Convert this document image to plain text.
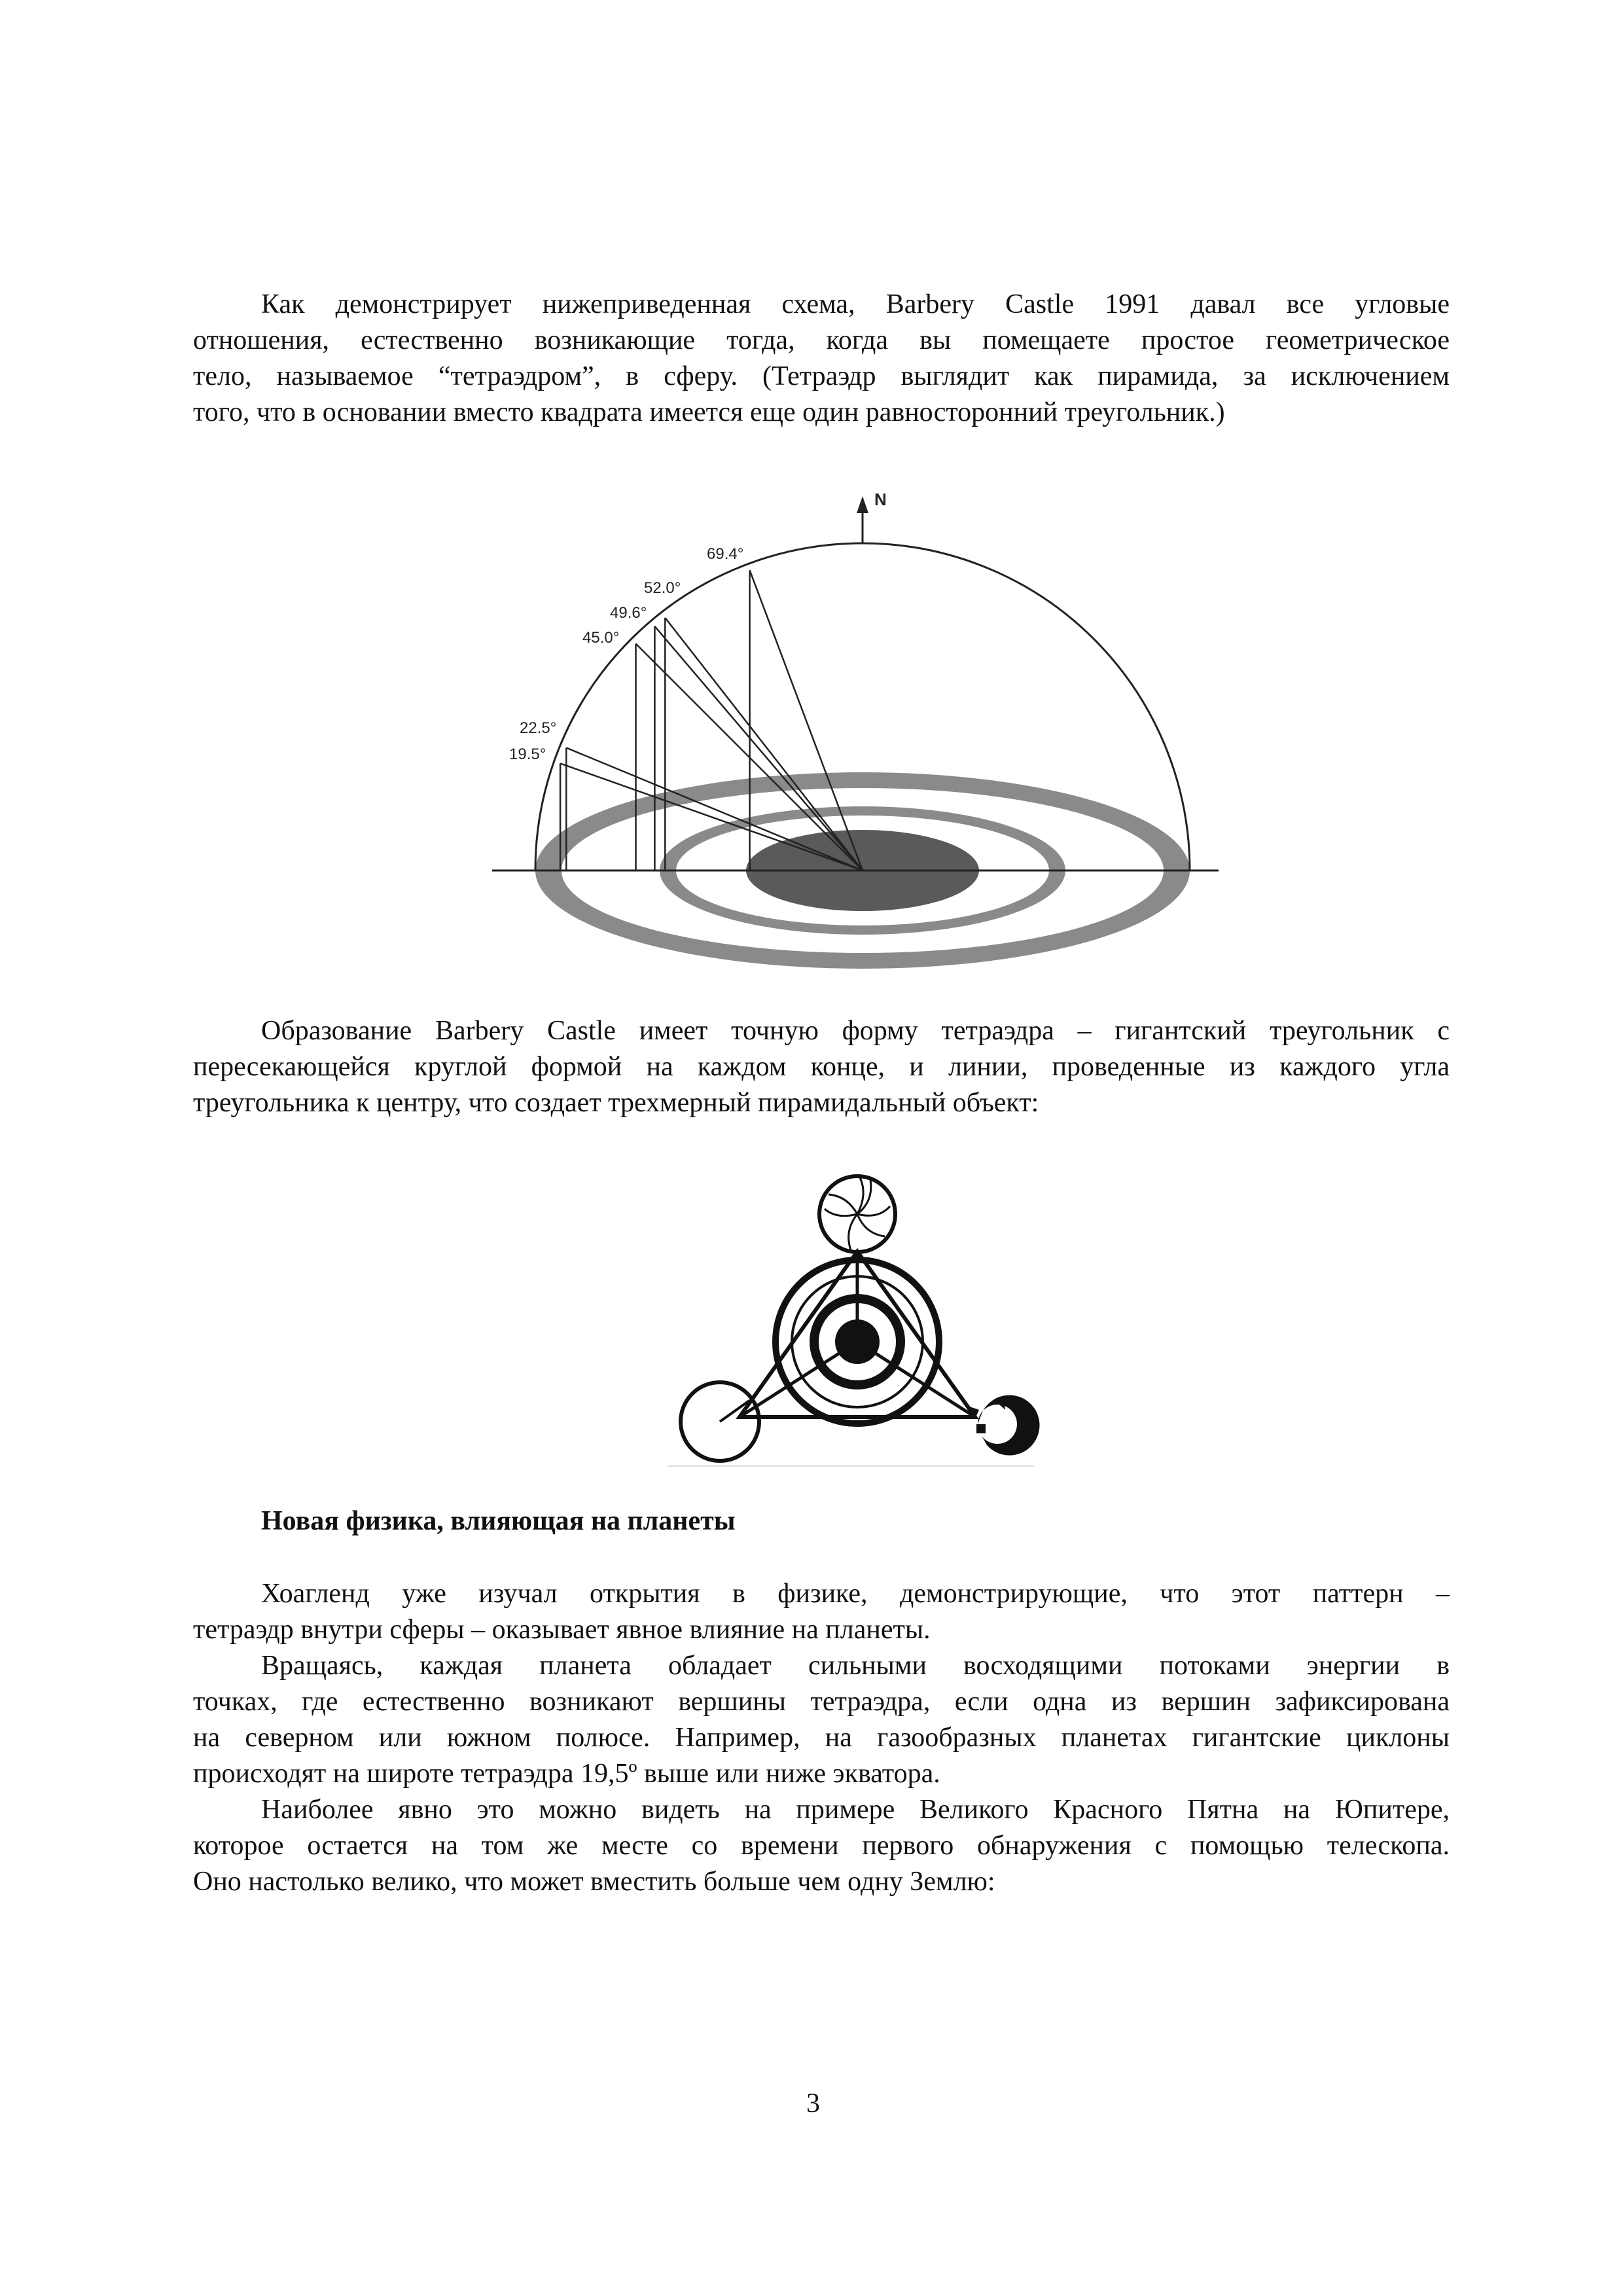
Как демонстрирует нижеприведенная схема, Barbery Castle 1991 давал все угловые
отношения, естественно возникающие тогда, когда вы помещаете простое геометрическое
тело, называемое “тетраэдром”, в сферу. (Тетраэдр выглядит как пирамида, за исключением
того, что в основании вместо квадрата имеется еще один равносторонний треугольник.)
N
69.4°
52.0°
49.6°
45.0°
22.5°
19.5°
Образование Barbery Castle имеет точную форму тетраэдра – гигантский треугольник с
пересекающейся круглой формой на каждом конце, и линии, проведенные из каждого угла
треугольника к центру, что создает трехмерный пирамидальный объект:
Новая физика, влияющая на планеты
Хоагленд уже изучал открытия в физике, демонстрирующие, что этот паттерн –
тетраэдр внутри сферы – оказывает явное влияние на планеты.
Вращаясь, каждая планета обладает сильными восходящими потоками энергии в
точках, где естественно возникают вершины тетраэдра, если одна из вершин зафиксирована
на северном или южном полюсе. Например, на газообразных планетах гигантские циклоны
происходят на широте тетраэдра 19,5º выше или ниже экватора.
Наиболее явно это можно видеть на примере Великого Красного Пятна на Юпитере,
которое остается на том же месте со времени первого обнаружения с помощью телескопа.
Оно настолько велико, что может вместить больше чем одну Землю:
3
